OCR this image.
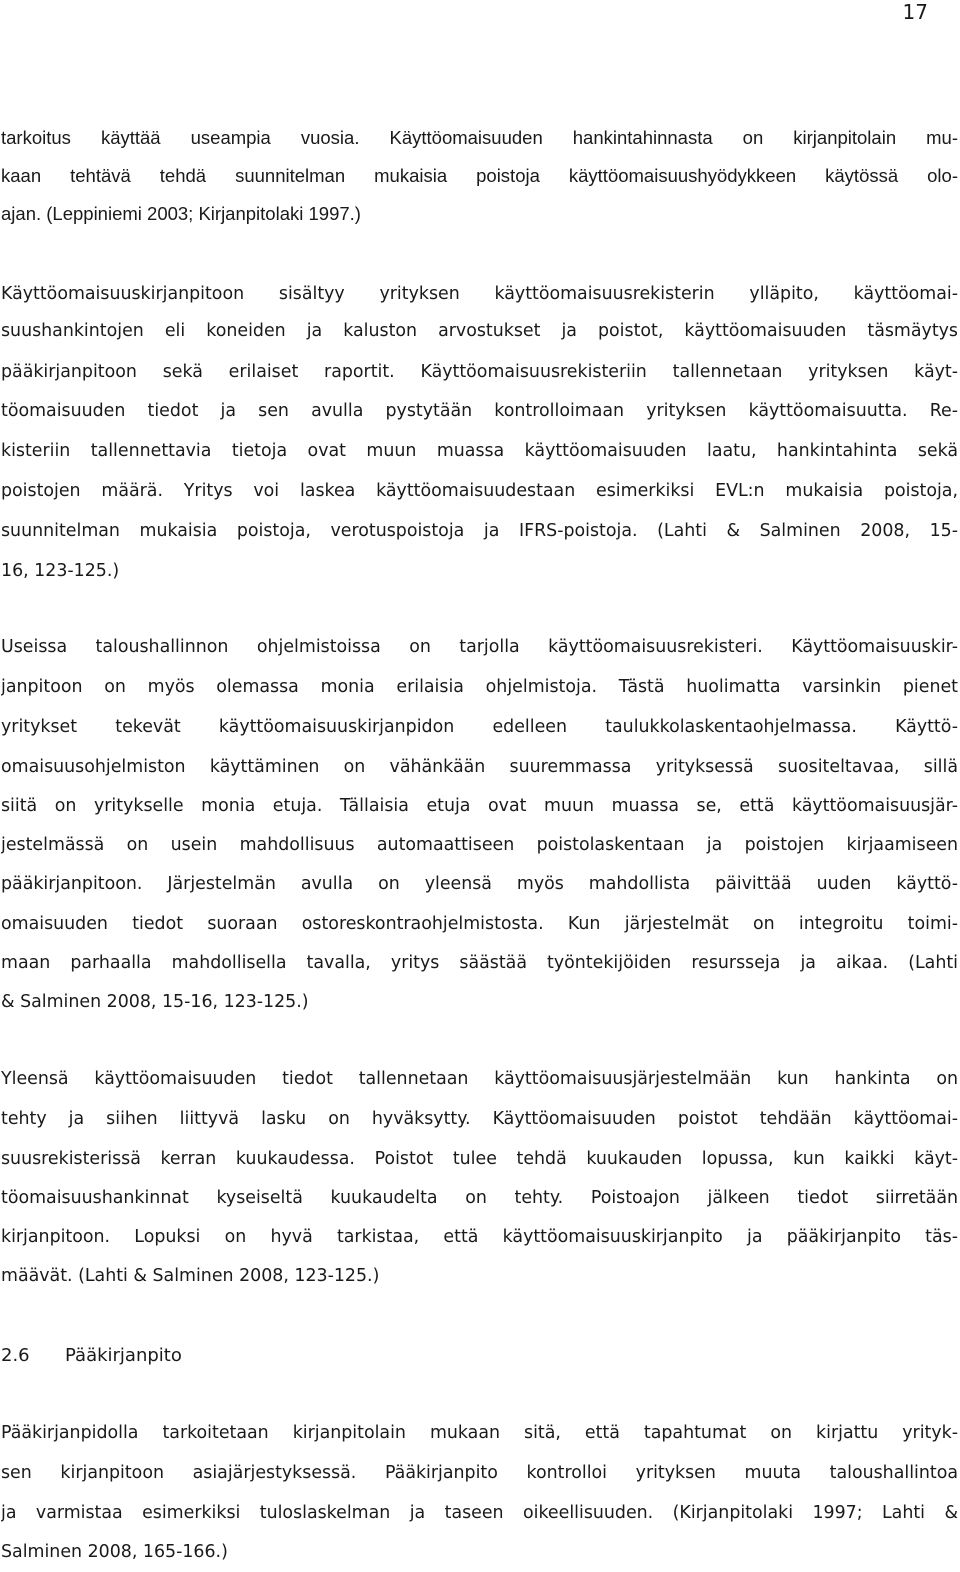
17
tarkoitus käyttää useampia vuosia. Käyttöomaisuuden hankintahinnasta on kirjanpitolain mu-
kaan tehtävä tehdä suunnitelman mukaisia poistoja käyttöomaisuushyödykkeen käytössä olo-
ajan. (Leppiniemi 2003; Kirjanpitolaki 1997.)
Käyttöomaisuuskirjanpitoon sisältyy yrityksen käyttöomaisuusrekisterin ylläpito, käyttöomai-
suushankintojen eli koneiden ja kaluston arvostukset ja poistot, käyttöomaisuuden täsmäytys
pääkirjanpitoon sekä erilaiset raportit. Käyttöomaisuusrekisteriin tallennetaan yrityksen käyt-
töomaisuuden tiedot ja sen avulla pystytään kontrolloimaan yrityksen käyttöomaisuutta. Re-
kisteriin tallennettavia tietoja ovat muun muassa käyttöomaisuuden laatu, hankintahinta sekä
poistojen määrä. Yritys voi laskea käyttöomaisuudestaan esimerkiksi EVL:n mukaisia poistoja,
suunnitelman mukaisia poistoja, verotuspoistoja ja IFRS-poistoja. (Lahti & Salminen 2008, 15-
16, 123-125.)
Useissa taloushallinnon ohjelmistoissa on tarjolla käyttöomaisuusrekisteri. Käyttöomaisuuskir-
janpitoon on myös olemassa monia erilaisia ohjelmistoja. Tästä huolimatta varsinkin pienet
yritykset tekevät käyttöomaisuuskirjanpidon edelleen taulukkolaskentaohjelmassa. Käyttö-
omaisuusohjelmiston käyttäminen on vähänkään suuremmassa yrityksessä suositeltavaa, sillä
siitä on yritykselle monia etuja. Tällaisia etuja ovat muun muassa se, että käyttöomaisuusjär-
jestelmässä on usein mahdollisuus automaattiseen poistolaskentaan ja poistojen kirjaamiseen
pääkirjanpitoon. Järjestelmän avulla on yleensä myös mahdollista päivittää uuden käyttö-
omaisuuden tiedot suoraan ostoreskontraohjelmistosta. Kun järjestelmät on integroitu toimi-
maan parhaalla mahdollisella tavalla, yritys säästää työntekijöiden resursseja ja aikaa. (Lahti
& Salminen 2008, 15-16, 123-125.)
Yleensä käyttöomaisuuden tiedot tallennetaan käyttöomaisuusjärjestelmään kun hankinta on
tehty ja siihen liittyvä lasku on hyväksytty. Käyttöomaisuuden poistot tehdään käyttöomai-
suusrekisterissä kerran kuukaudessa. Poistot tulee tehdä kuukauden lopussa, kun kaikki käyt-
töomaisuushankinnat kyseiseltä kuukaudelta on tehty. Poistoajon jälkeen tiedot siirretään
kirjanpitoon. Lopuksi on hyvä tarkistaa, että käyttöomaisuuskirjanpito ja pääkirjanpito täs-
määvät. (Lahti & Salminen 2008, 123-125.)
2.6 Pääkirjanpito
Pääkirjanpidolla tarkoitetaan kirjanpitolain mukaan sitä, että tapahtumat on kirjattu yrityk-
sen kirjanpitoon asiajärjestyksessä. Pääkirjanpito kontrolloi yrityksen muuta taloushallintoa
ja varmistaa esimerkiksi tuloslaskelman ja taseen oikeellisuuden. (Kirjanpitolaki 1997; Lahti &
Salminen 2008, 165-166.)
